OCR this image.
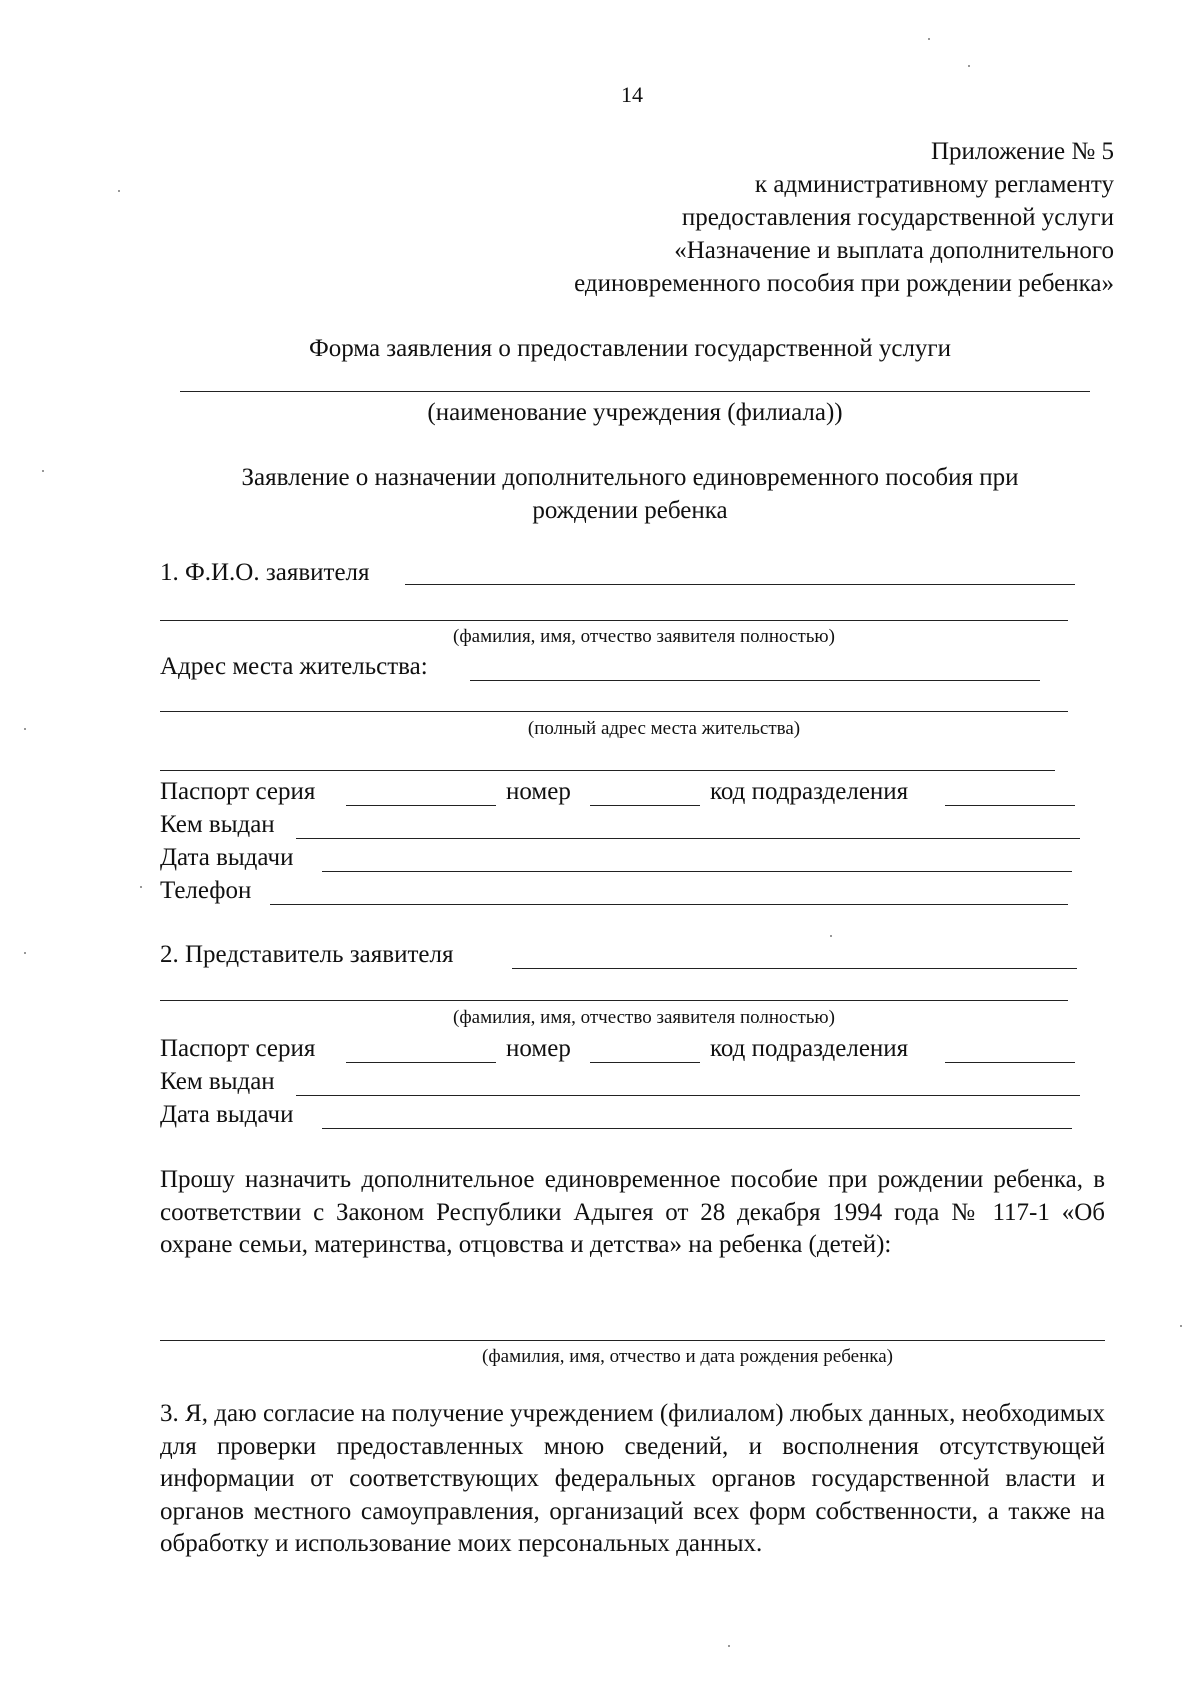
14
Приложение № 5
к административному регламенту
предоставления государственной услуги
«Назначение и выплата дополнительного
единовременного пособия при рождении ребенка»
Форма заявления о предоставлении государственной услуги
(наименование учреждения (филиала))
Заявление о назначении дополнительного единовременного пособия при
рождении ребенка
1. Ф.И.О. заявителя
(фамилия, имя, отчество заявителя полностью)
Адрес места жительства:
(полный адрес места жительства)
Паспорт серия	номер	код подразделения
Кем выдан
Дата выдачи
Телефон
2. Представитель заявителя
(фамилия, имя, отчество заявителя полностью)
Паспорт серия	номер	код подразделения
Кем выдан
Дата выдачи
Прошу назначить дополнительное единовременное пособие при рождении ребенка, в соответствии с Законом Республики Адыгея от 28 декабря 1994 года № 117-1 «Об охране семьи, материнства, отцовства и детства» на ребенка (детей):
(фамилия, имя, отчество и дата рождения ребенка)
3. Я, даю согласие на получение учреждением (филиалом) любых данных, необходимых для проверки предоставленных мною сведений, и восполнения отсутствующей информации от соответствующих федеральных органов государственной власти и органов местного самоуправления, организаций всех форм собственности, а также на обработку и использование моих персональных данных.
